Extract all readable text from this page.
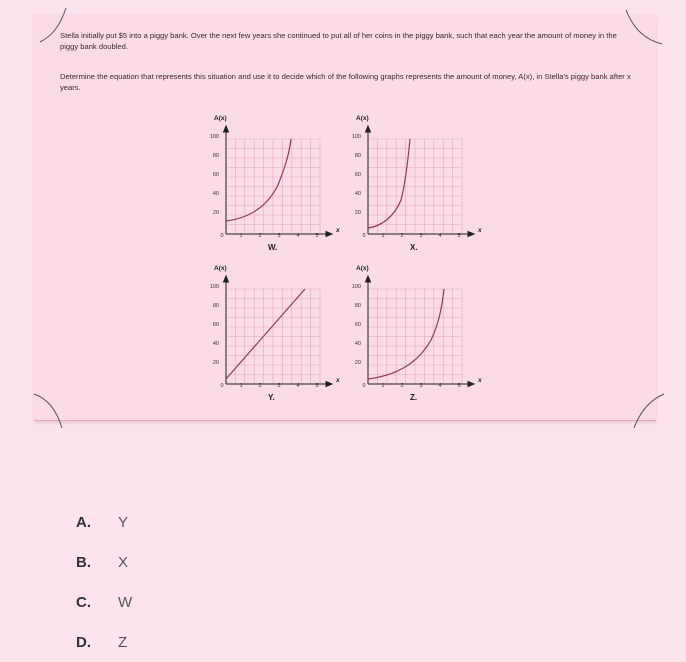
Stella initially put $5 into a piggy bank. Over the next few years she continued to put all of her coins in the piggy bank, such that each year the amount of money in the piggy bank doubled.
Determine the equation that represents this situation and use it to decide which of the following graphs represents the amount of money, A(x), in Stella's piggy bank after x years.
A(x)
100
80
60
40
20
0	1	2	3	4	5
x
W.
A(x)
100
80
60
40
20
0	1	2	3	4	5
x
X.
A(x)
100
80
60
40
20
0	1	2	3	4	5
x
Y.
A(x)
100
80
60
40
20
0	1	2	3	4	5
x
Z.
A.	Y
B.	X
C.	W
D.	Z
